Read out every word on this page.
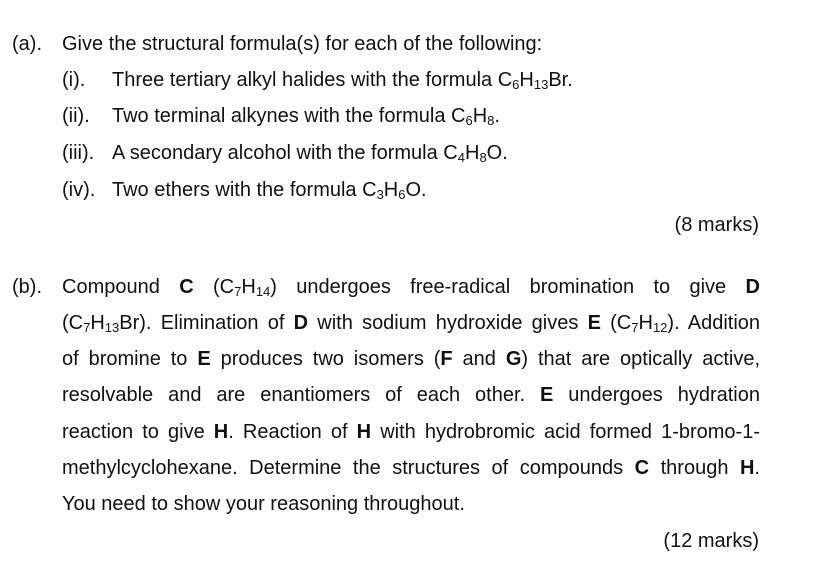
(a). Give the structural formula(s) for each of the following:
(i). Three tertiary alkyl halides with the formula $C_6H_{13}Br$.
(ii). Two terminal alkynes with the formula $C_6H_8$.
(iii). A secondary alcohol with the formula $C_4H_8O$.
(iv). Two ethers with the formula $C_3H_6O$.
(8 marks)
(b). Compound C $(C_7H_{14})$ undergoes free-radical bromination to give D
$(C_7H_{13}Br)$. Elimination of D with sodium hydroxide gives E $(C_7H_{12})$. Addition
of bromine to E produces two isomers (F and G) that are optically active,
resolvable and are enantiomers of each other. E undergoes hydration
reaction to give H. Reaction of H with hydrobromic acid formed 1-bromo-1-
methylcyclohexane. Determine the structures of compounds C through H.
You need to show your reasoning throughout.
(12 marks)
